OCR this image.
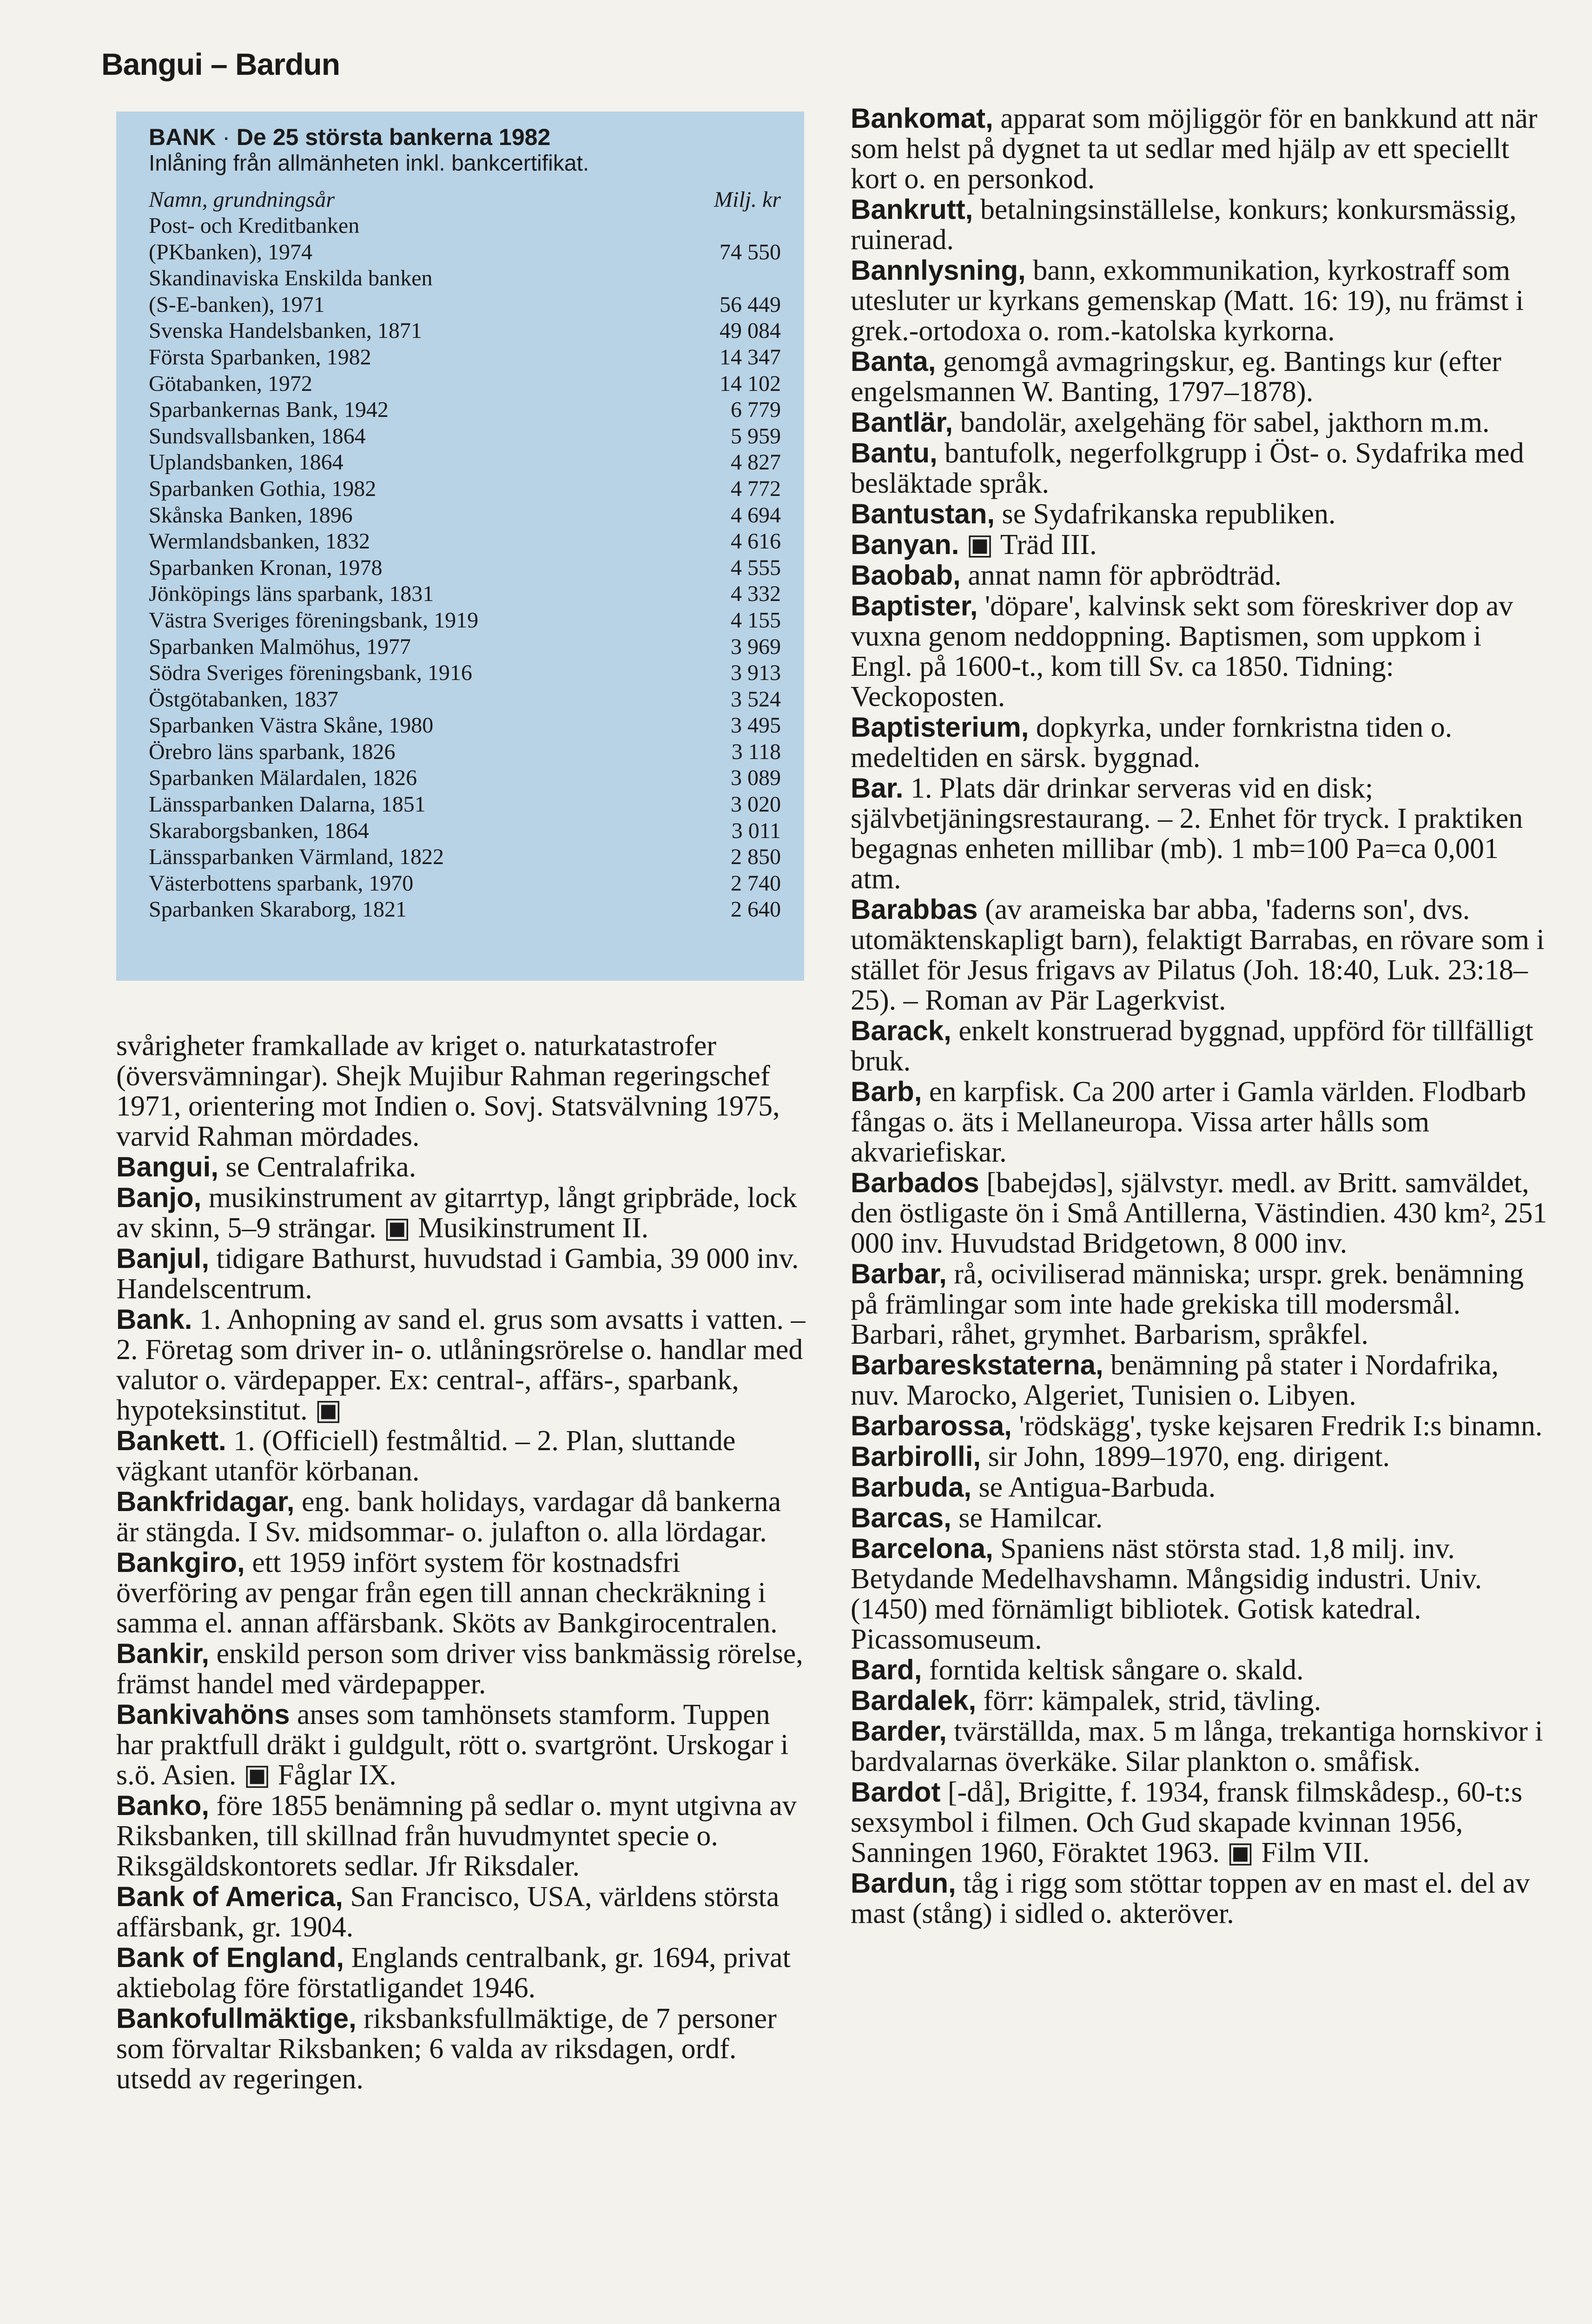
Bangui – Bardun
BANK · De 25 största bankerna 1982
Inlåning från allmänheten inkl. bankcertifikat.
Namn, grundningsår	Milj. kr
Post- och Kreditbanken
(PKbanken), 1974	74 550
Skandinaviska Enskilda banken
(S-E-banken), 1971	56 449
Svenska Handelsbanken, 1871	49 084
Första Sparbanken, 1982	14 347
Götabanken, 1972	14 102
Sparbankernas Bank, 1942	6 779
Sundsvallsbanken, 1864	5 959
Uplandsbanken, 1864	4 827
Sparbanken Gothia, 1982	4 772
Skånska Banken, 1896	4 694
Wermlandsbanken, 1832	4 616
Sparbanken Kronan, 1978	4 555
Jönköpings läns sparbank, 1831	4 332
Västra Sveriges föreningsbank, 1919	4 155
Sparbanken Malmöhus, 1977	3 969
Södra Sveriges föreningsbank, 1916	3 913
Östgötabanken, 1837	3 524
Sparbanken Västra Skåne, 1980	3 495
Örebro läns sparbank, 1826	3 118
Sparbanken Mälardalen, 1826	3 089
Länssparbanken Dalarna, 1851	3 020
Skaraborgsbanken, 1864	3 011
Länssparbanken Värmland, 1822	2 850
Västerbottens sparbank, 1970	2 740
Sparbanken Skaraborg, 1821	2 640

svårigheter framkallade av kriget o. naturkatastrofer (översvämningar). Shejk Mujibur Rahman regeringschef 1971, orientering mot Indien o. Sovj. Statsvälvning 1975, varvid Rahman mördades.

Bangui, se Centralafrika.

Banjo, musikinstrument av gitarrtyp, långt gripbräde, lock av skinn, 5–9 strängar. ▣ Musikinstrument II.

Banjul, tidigare Bathurst, huvudstad i Gambia, 39 000 inv. Handelscentrum.

Bank. 1. Anhopning av sand el. grus som avsatts i vatten. – 2. Företag som driver in- o. utlåningsrörelse o. handlar med valutor o. värdepapper. Ex: central-, affärs-, sparbank, hypoteksinstitut. ▣

Bankett. 1. (Officiell) festmåltid. – 2. Plan, sluttande vägkant utanför körbanan.

Bankfridagar, eng. bank holidays, vardagar då bankerna är stängda. I Sv. midsommar- o. julafton o. alla lördagar.

Bankgiro, ett 1959 infört system för kostnadsfri överföring av pengar från egen till annan checkräkning i samma el. annan affärsbank. Sköts av Bankgirocentralen.

Bankir, enskild person som driver viss bankmässig rörelse, främst handel med värdepapper.

Bankivahöns anses som tamhönsets stamform. Tuppen har praktfull dräkt i guldgult, rött o. svartgrönt. Urskogar i s.ö. Asien. ▣ Fåglar IX.

Banko, före 1855 benämning på sedlar o. mynt utgivna av Riksbanken, till skillnad från huvudmyntet specie o. Riksgäldskontorets sedlar. Jfr Riksdaler.

Bank of America, San Francisco, USA, världens största affärsbank, gr. 1904.

Bank of England, Englands centralbank, gr. 1694, privat aktiebolag före förstatligandet 1946.

Bankofullmäktige, riksbanksfullmäktige, de 7 personer som förvaltar Riksbanken; 6 valda av riksdagen, ordf. utsedd av regeringen.

Bankomat, apparat som möjliggör för en bankkund att när som helst på dygnet ta ut sedlar med hjälp av ett speciellt kort o. en personkod.

Bankrutt, betalningsinställelse, konkurs; konkursmässig, ruinerad.

Bannlysning, bann, exkommunikation, kyrkostraff som utesluter ur kyrkans gemenskap (Matt. 16: 19), nu främst i grek.-ortodoxa o. rom.-katolska kyrkorna.

Banta, genomgå avmagringskur, eg. Bantings kur (efter engelsmannen W. Banting, 1797–1878).

Bantlär, bandolär, axelgehäng för sabel, jakthorn m.m.

Bantu, bantufolk, negerfolkgrupp i Öst- o. Sydafrika med besläktade språk.

Bantustan, se Sydafrikanska republiken.

Banyan. ▣ Träd III.

Baobab, annat namn för apbrödträd.

Baptister, 'döpare', kalvinsk sekt som föreskriver dop av vuxna genom neddoppning. Baptismen, som uppkom i Engl. på 1600-t., kom till Sv. ca 1850. Tidning: Veckoposten.

Baptisterium, dopkyrka, under fornkristna tiden o. medeltiden en särsk. byggnad.

Bar. 1. Plats där drinkar serveras vid en disk; självbetjäningsrestaurang. – 2. Enhet för tryck. I praktiken begagnas enheten millibar (mb). 1 mb=100 Pa=ca 0,001 atm.

Barabbas (av arameiska bar abba, 'faderns son', dvs. utomäktenskapligt barn), felaktigt Barrabas, en rövare som i stället för Jesus frigavs av Pilatus (Joh. 18:40, Luk. 23:18–25). – Roman av Pär Lagerkvist.

Barack, enkelt konstruerad byggnad, uppförd för tillfälligt bruk.

Barb, en karpfisk. Ca 200 arter i Gamla världen. Flodbarb fångas o. äts i Mellaneuropa. Vissa arter hålls som akvariefiskar.

Barbados [babejdəs], självstyr. medl. av Britt. samväldet, den östligaste ön i Små Antillerna, Västindien. 430 km², 251 000 inv. Huvudstad Bridgetown, 8 000 inv.

Barbar, rå, ociviliserad människa; urspr. grek. benämning på främlingar som inte hade grekiska till modersmål. Barbari, råhet, grymhet. Barbarism, språkfel.

Barbareskstaterna, benämning på stater i Nordafrika, nuv. Marocko, Algeriet, Tunisien o. Libyen.

Barbarossa, 'rödskägg', tyske kejsaren Fredrik I:s binamn.

Barbirolli, sir John, 1899–1970, eng. dirigent.

Barbuda, se Antigua-Barbuda.

Barcas, se Hamilcar.

Barcelona, Spaniens näst största stad. 1,8 milj. inv. Betydande Medelhavshamn. Mångsidig industri. Univ. (1450) med förnämligt bibliotek. Gotisk katedral. Picassomuseum.

Bard, forntida keltisk sångare o. skald.

Bardalek, förr: kämpalek, strid, tävling.

Barder, tvärställda, max. 5 m långa, trekantiga hornskivor i bardvalarnas överkäke. Silar plankton o. småfisk.

Bardot [-då], Brigitte, f. 1934, fransk filmskådesp., 60-t:s sexsymbol i filmen. Och Gud skapade kvinnan 1956, Sanningen 1960, Föraktet 1963. ▣ Film VII.

Bardun, tåg i rigg som stöttar toppen av en mast el. del av mast (stång) i sidled o. akteröver.
